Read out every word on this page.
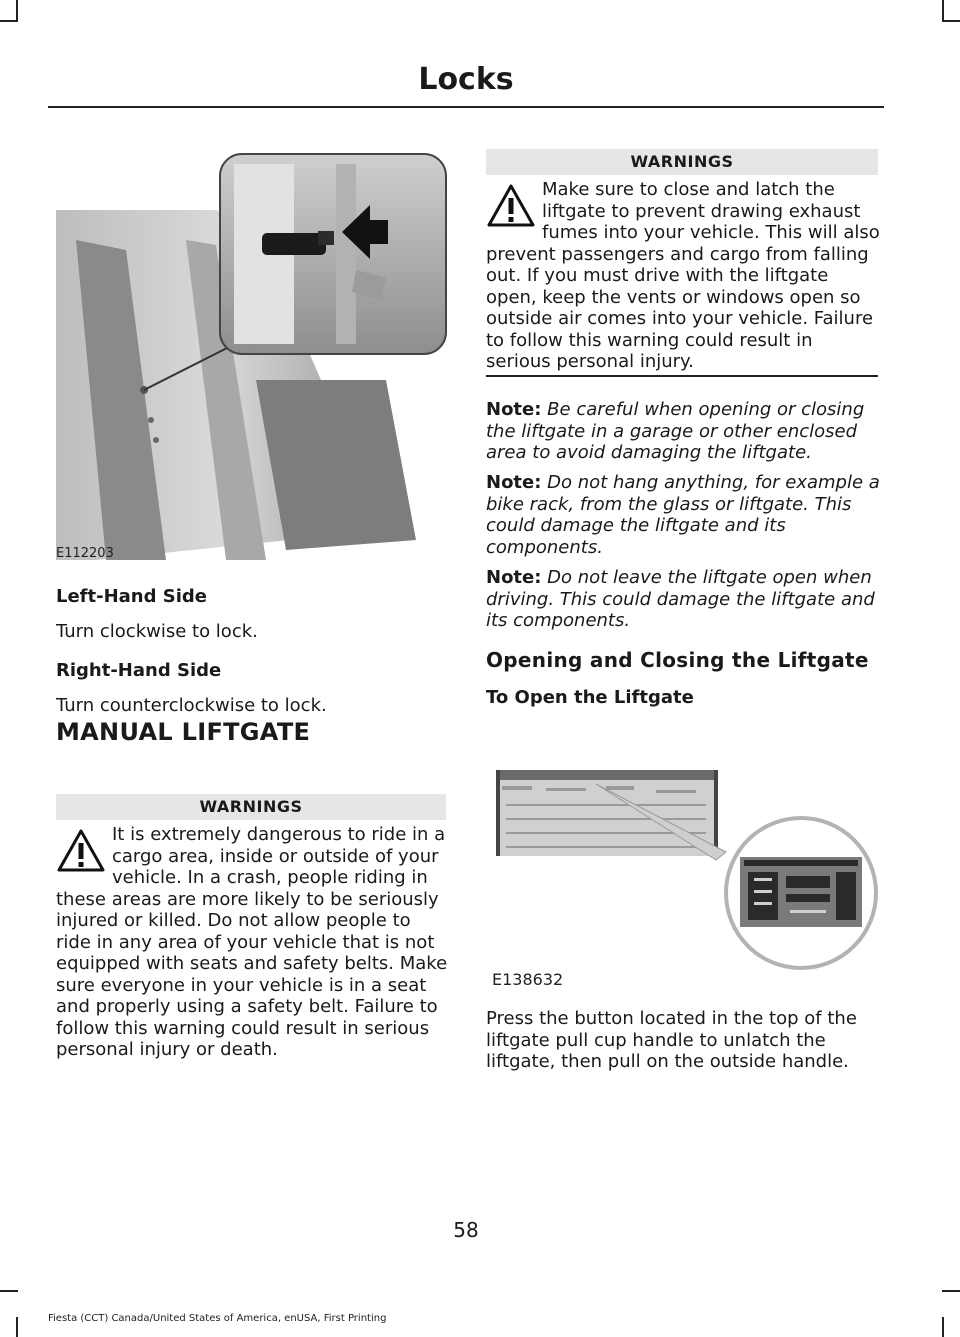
Locks
E112203
Left-Hand Side
Turn clockwise to lock.
Right-Hand Side
Turn counterclockwise to lock.
MANUAL LIFTGATE
WARNINGS
It is extremely dangerous to ride in a cargo area, inside or outside of your vehicle. In a crash, people riding in these areas are more likely to be seriously injured or killed. Do not allow people to ride in any area of your vehicle that is not equipped with seats and safety belts. Make sure everyone in your vehicle is in a seat and properly using a safety belt. Failure to follow this warning could result in serious personal injury or death.
WARNINGS
Make sure to close and latch the liftgate to prevent drawing exhaust fumes into your vehicle. This will also prevent passengers and cargo from falling out. If you must drive with the liftgate open, keep the vents or windows open so outside air comes into your vehicle. Failure to follow this warning could result in serious personal injury.
Note: Be careful when opening or closing the liftgate in a garage or other enclosed area to avoid damaging the liftgate.
Note: Do not hang anything, for example a bike rack, from the glass or liftgate. This could damage the liftgate and its components.
Note: Do not leave the liftgate open when driving. This could damage the liftgate and its components.
Opening and Closing the Liftgate
To Open the Liftgate
E138632
Press the button located in the top of the liftgate pull cup handle to unlatch the liftgate, then pull on the outside handle.
58
Fiesta (CCT) Canada/United States of America, enUSA, First Printing
